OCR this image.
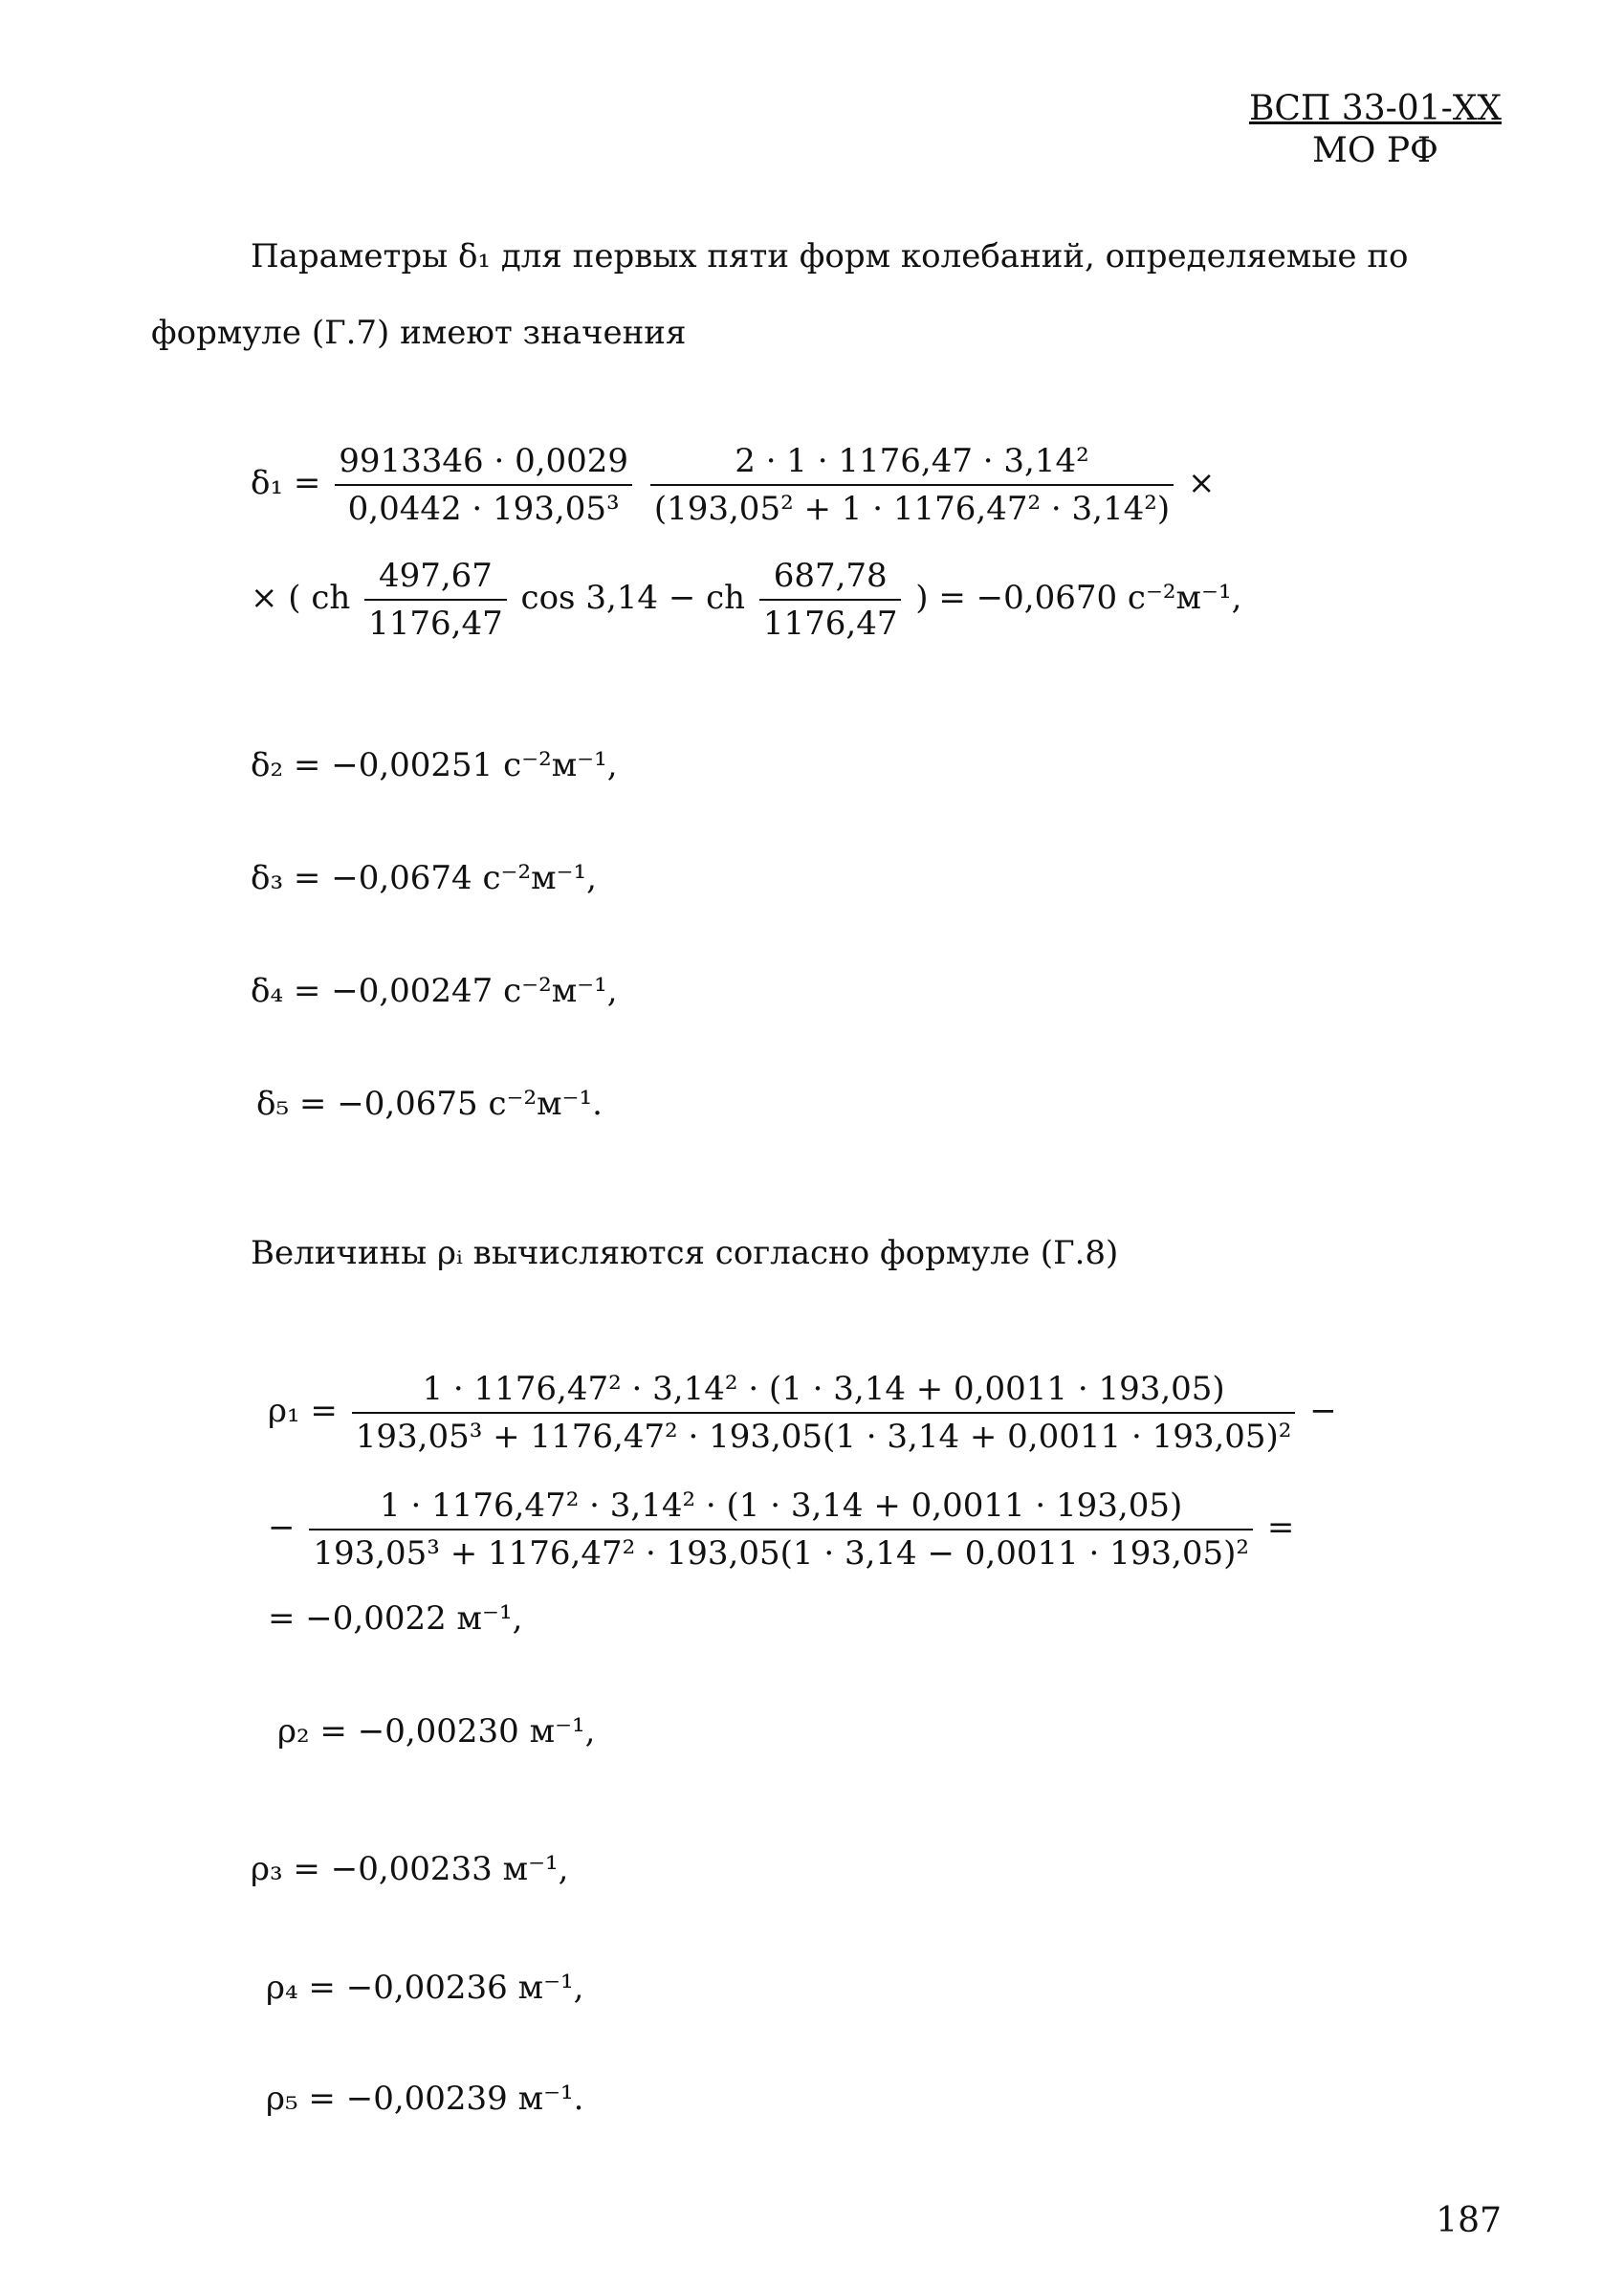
ВСП 33-01-XX
МО РФ
Параметры δ₁ для первых пяти форм колебаний, определяемые по
формуле (Г.7) имеют значения
$\delta_1 = \frac{9913346 \cdot 0,0029}{\text{0,0442 · 193,05³}}$
$\frac{\text{2 · 1 · 1176,47 · 3,14²}}{\text{(193,05² + 1 · 1176,47² · 3,14²)}}$ ×
× ( ch $\frac{497,67}{1176,47}$ cos 3,14 − ch $\frac{687,78}{1176,47}$ ) = −0,0670 с⁻²м⁻¹,
δ₂ = −0,00251 с⁻²м⁻¹,
δ₃ = −0,0674 с⁻²м⁻¹,
δ₄ = −0,00247 с⁻²м⁻¹,
δ₅ = −0,0675 с⁻²м⁻¹.
Величины ρᵢ вычисляются согласно формуле (Г.8)
$\rho_1 = \frac{\text{1 · 1176,47² · 3,14² · (1 · 3,14 + 0,0011 · 193,05)}}{\text{193,05³ + 1176,47² · 193,05(1 · 3,14 + 0,0011 · 193,05)²}}$ −
− $\frac{\text{1 · 1176,47² · 3,14² · (1 · 3,14 + 0,0011 · 193,05)}}{\text{193,05³ + 1176,47² · 193,05(1 · 3,14 − 0,0011 · 193,05)²}}$ =
= −0,0022 м⁻¹,
ρ₂ = −0,00230 м⁻¹,
ρ₃ = −0,00233 м⁻¹,
ρ₄ = −0,00236 м⁻¹,
ρ₅ = −0,00239 м⁻¹.
187
